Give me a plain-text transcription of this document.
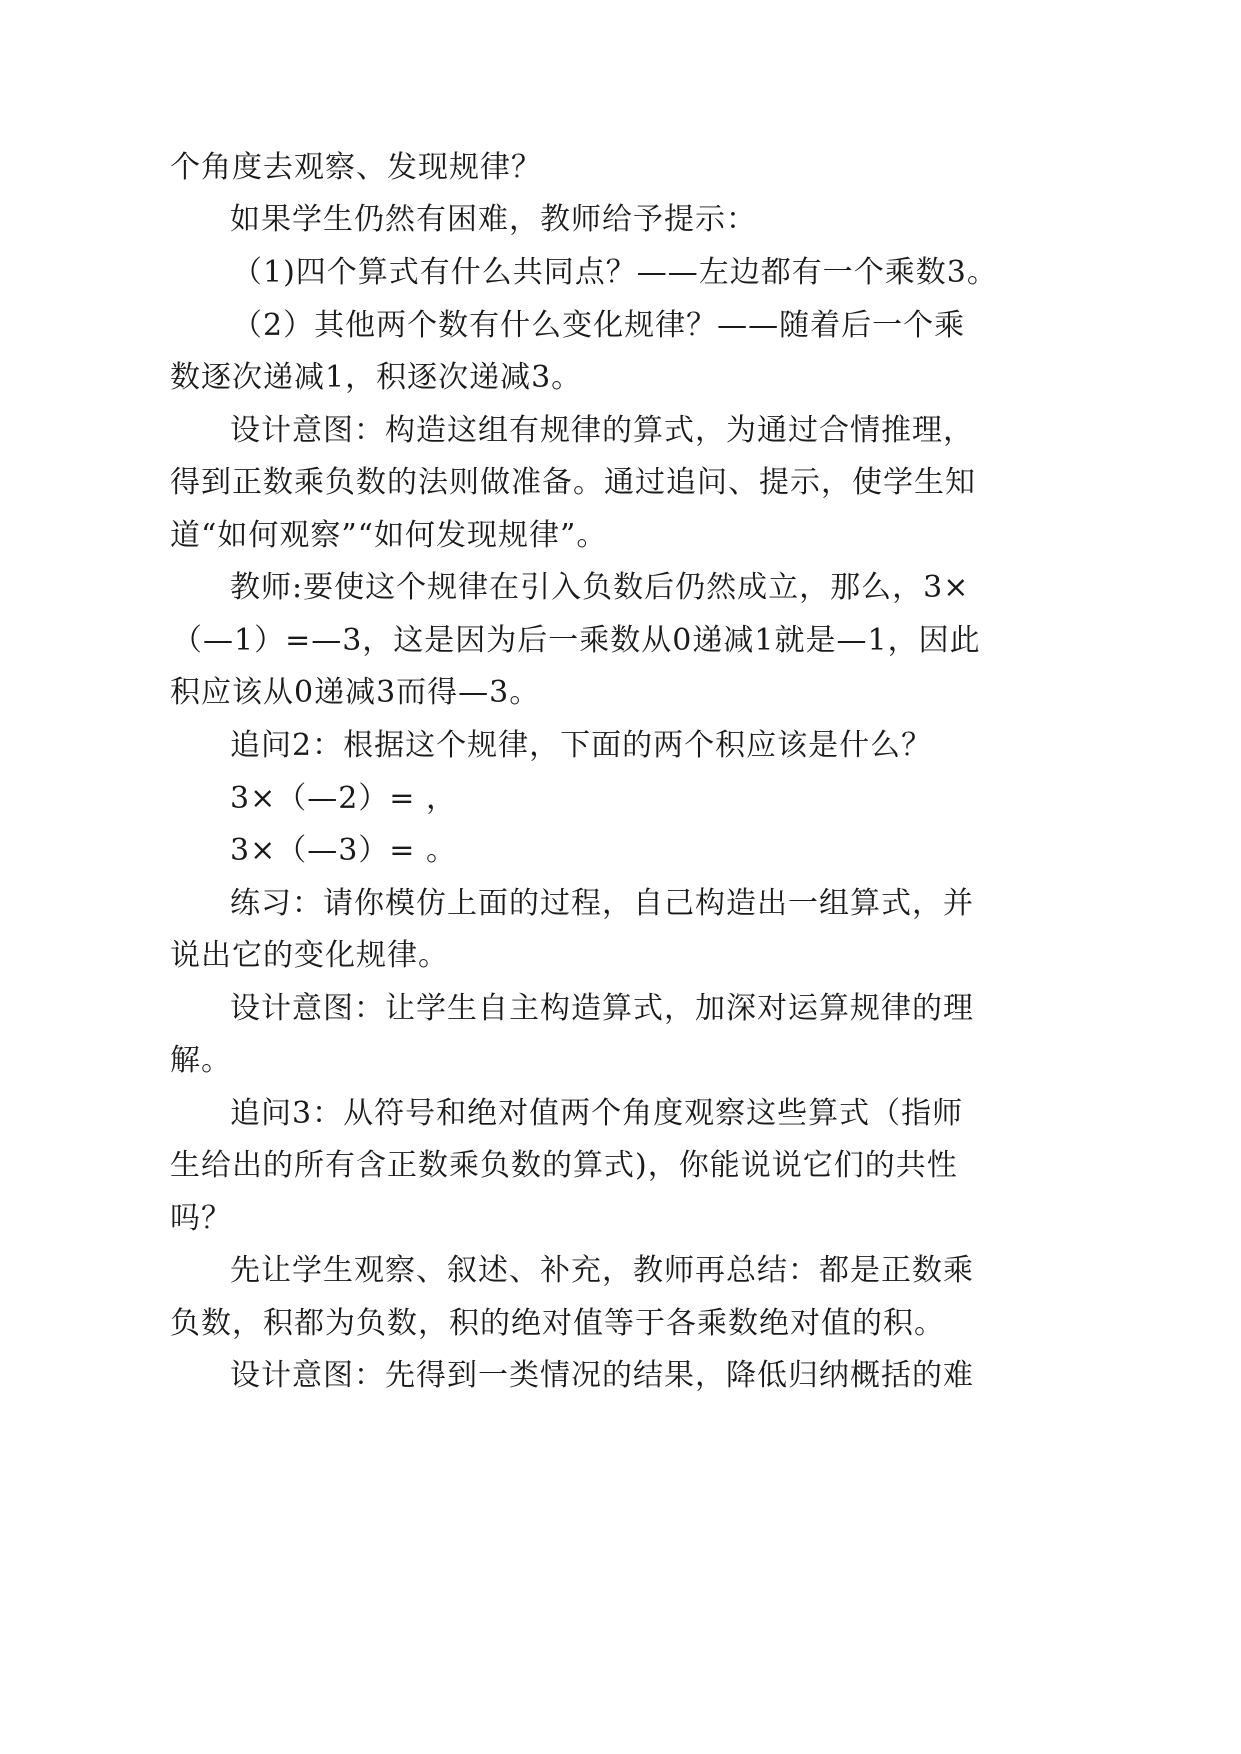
个角度去观察、发现规律？
如果学生仍然有困难，教师给予提示：
（1)四个算式有什么共同点？——左边都有一个乘数3。
（2）其他两个数有什么变化规律？——随着后一个乘
数逐次递减1，积逐次递减3。
设计意图：构造这组有规律的算式，为通过合情推理，
得到正数乘负数的法则做准备。通过追问、提示，使学生知
道“如何观察”“如何发现规律”。
教师:要使这个规律在引入负数后仍然成立，那么，3×
（—1）=—3，这是因为后一乘数从0递减1就是—1，因此
积应该从0递减3而得—3。
追问2：根据这个规律，下面的两个积应该是什么？
3×（—2）= ，
3×（—3）= 。
练习：请你模仿上面的过程，自己构造出一组算式，并
说出它的变化规律。
设计意图：让学生自主构造算式，加深对运算规律的理
解。
追问3：从符号和绝对值两个角度观察这些算式（指师
生给出的所有含正数乘负数的算式)，你能说说它们的共性
吗？
先让学生观察、叙述、补充，教师再总结：都是正数乘
负数，积都为负数，积的绝对值等于各乘数绝对值的积。
设计意图：先得到一类情况的结果，降低归纳概括的难
